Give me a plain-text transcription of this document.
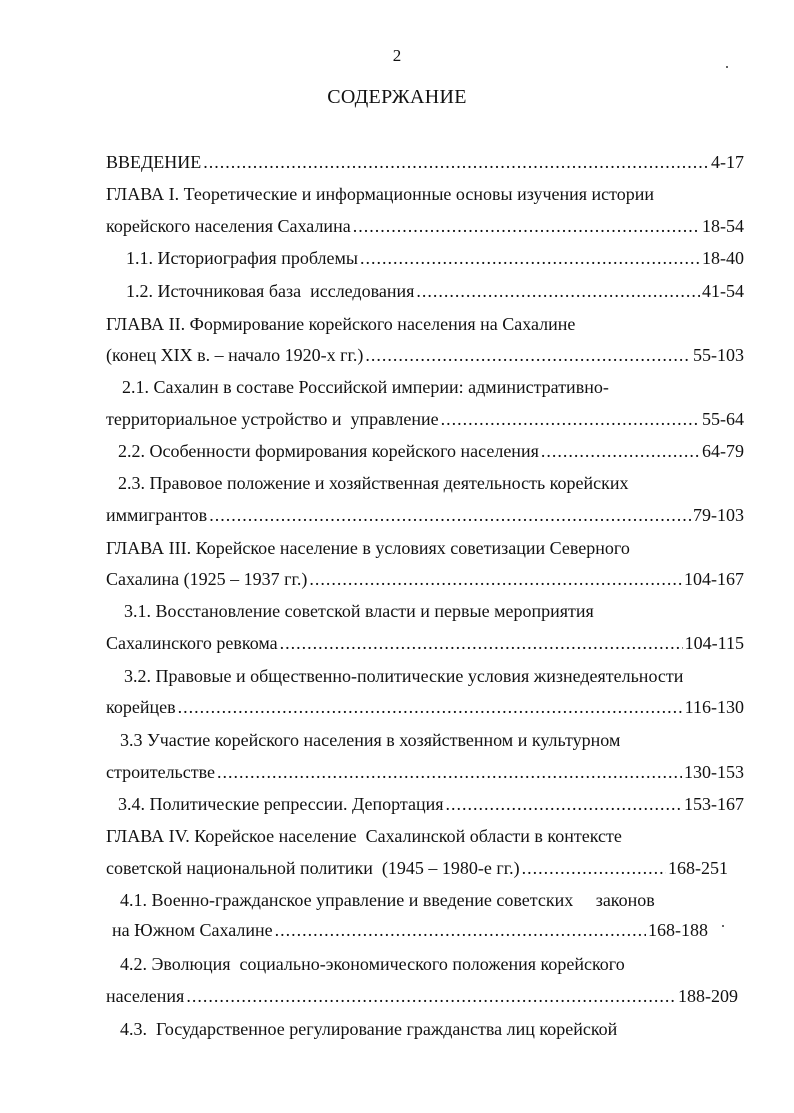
2
СОДЕРЖАНИЕ
ВВЕДЕНИЕ .....	4-17
ГЛАВА I. Теоретические и информационные основы изучения истории
корейского населения Сахалина .....	18-54
1.1. Историография проблемы .....	18-40
1.2. Источниковая база  исследования .....	41-54
ГЛАВА II. Формирование корейского населения на Сахалине
(конец XIX в. – начало 1920-х гг.) .....	55-103
2.1. Сахалин в составе Российской империи: административно-
территориальное устройство и  управление .....	55-64
2.2. Особенности формирования корейского населения .....	64-79
2.3. Правовое положение и хозяйственная деятельность корейских
иммигрантов .....	79-103
ГЛАВА III. Корейское население в условиях советизации Северного
Сахалина (1925 – 1937 гг.) .....	104-167
3.1. Восстановление советской власти и первые мероприятия
Сахалинского ревкома .....	104-115
3.2. Правовые и общественно-политические условия жизнедеятельности
корейцев .....	116-130
3.3 Участие корейского населения в хозяйственном и культурном
строительстве .....	130-153
3.4. Политические репрессии. Депортация .....	153-167
ГЛАВА IV. Корейское население  Сахалинской области в контексте
советской национальной политики  (1945 – 1980-е гг.) .....	168-251
4.1. Военно-гражданское управление и введение советских     законов
на Южном Сахалине .....	168-188
4.2. Эволюция  социально-экономического положения корейского
населения .....	188-209
4.3.  Государственное регулирование гражданства лиц корейской
